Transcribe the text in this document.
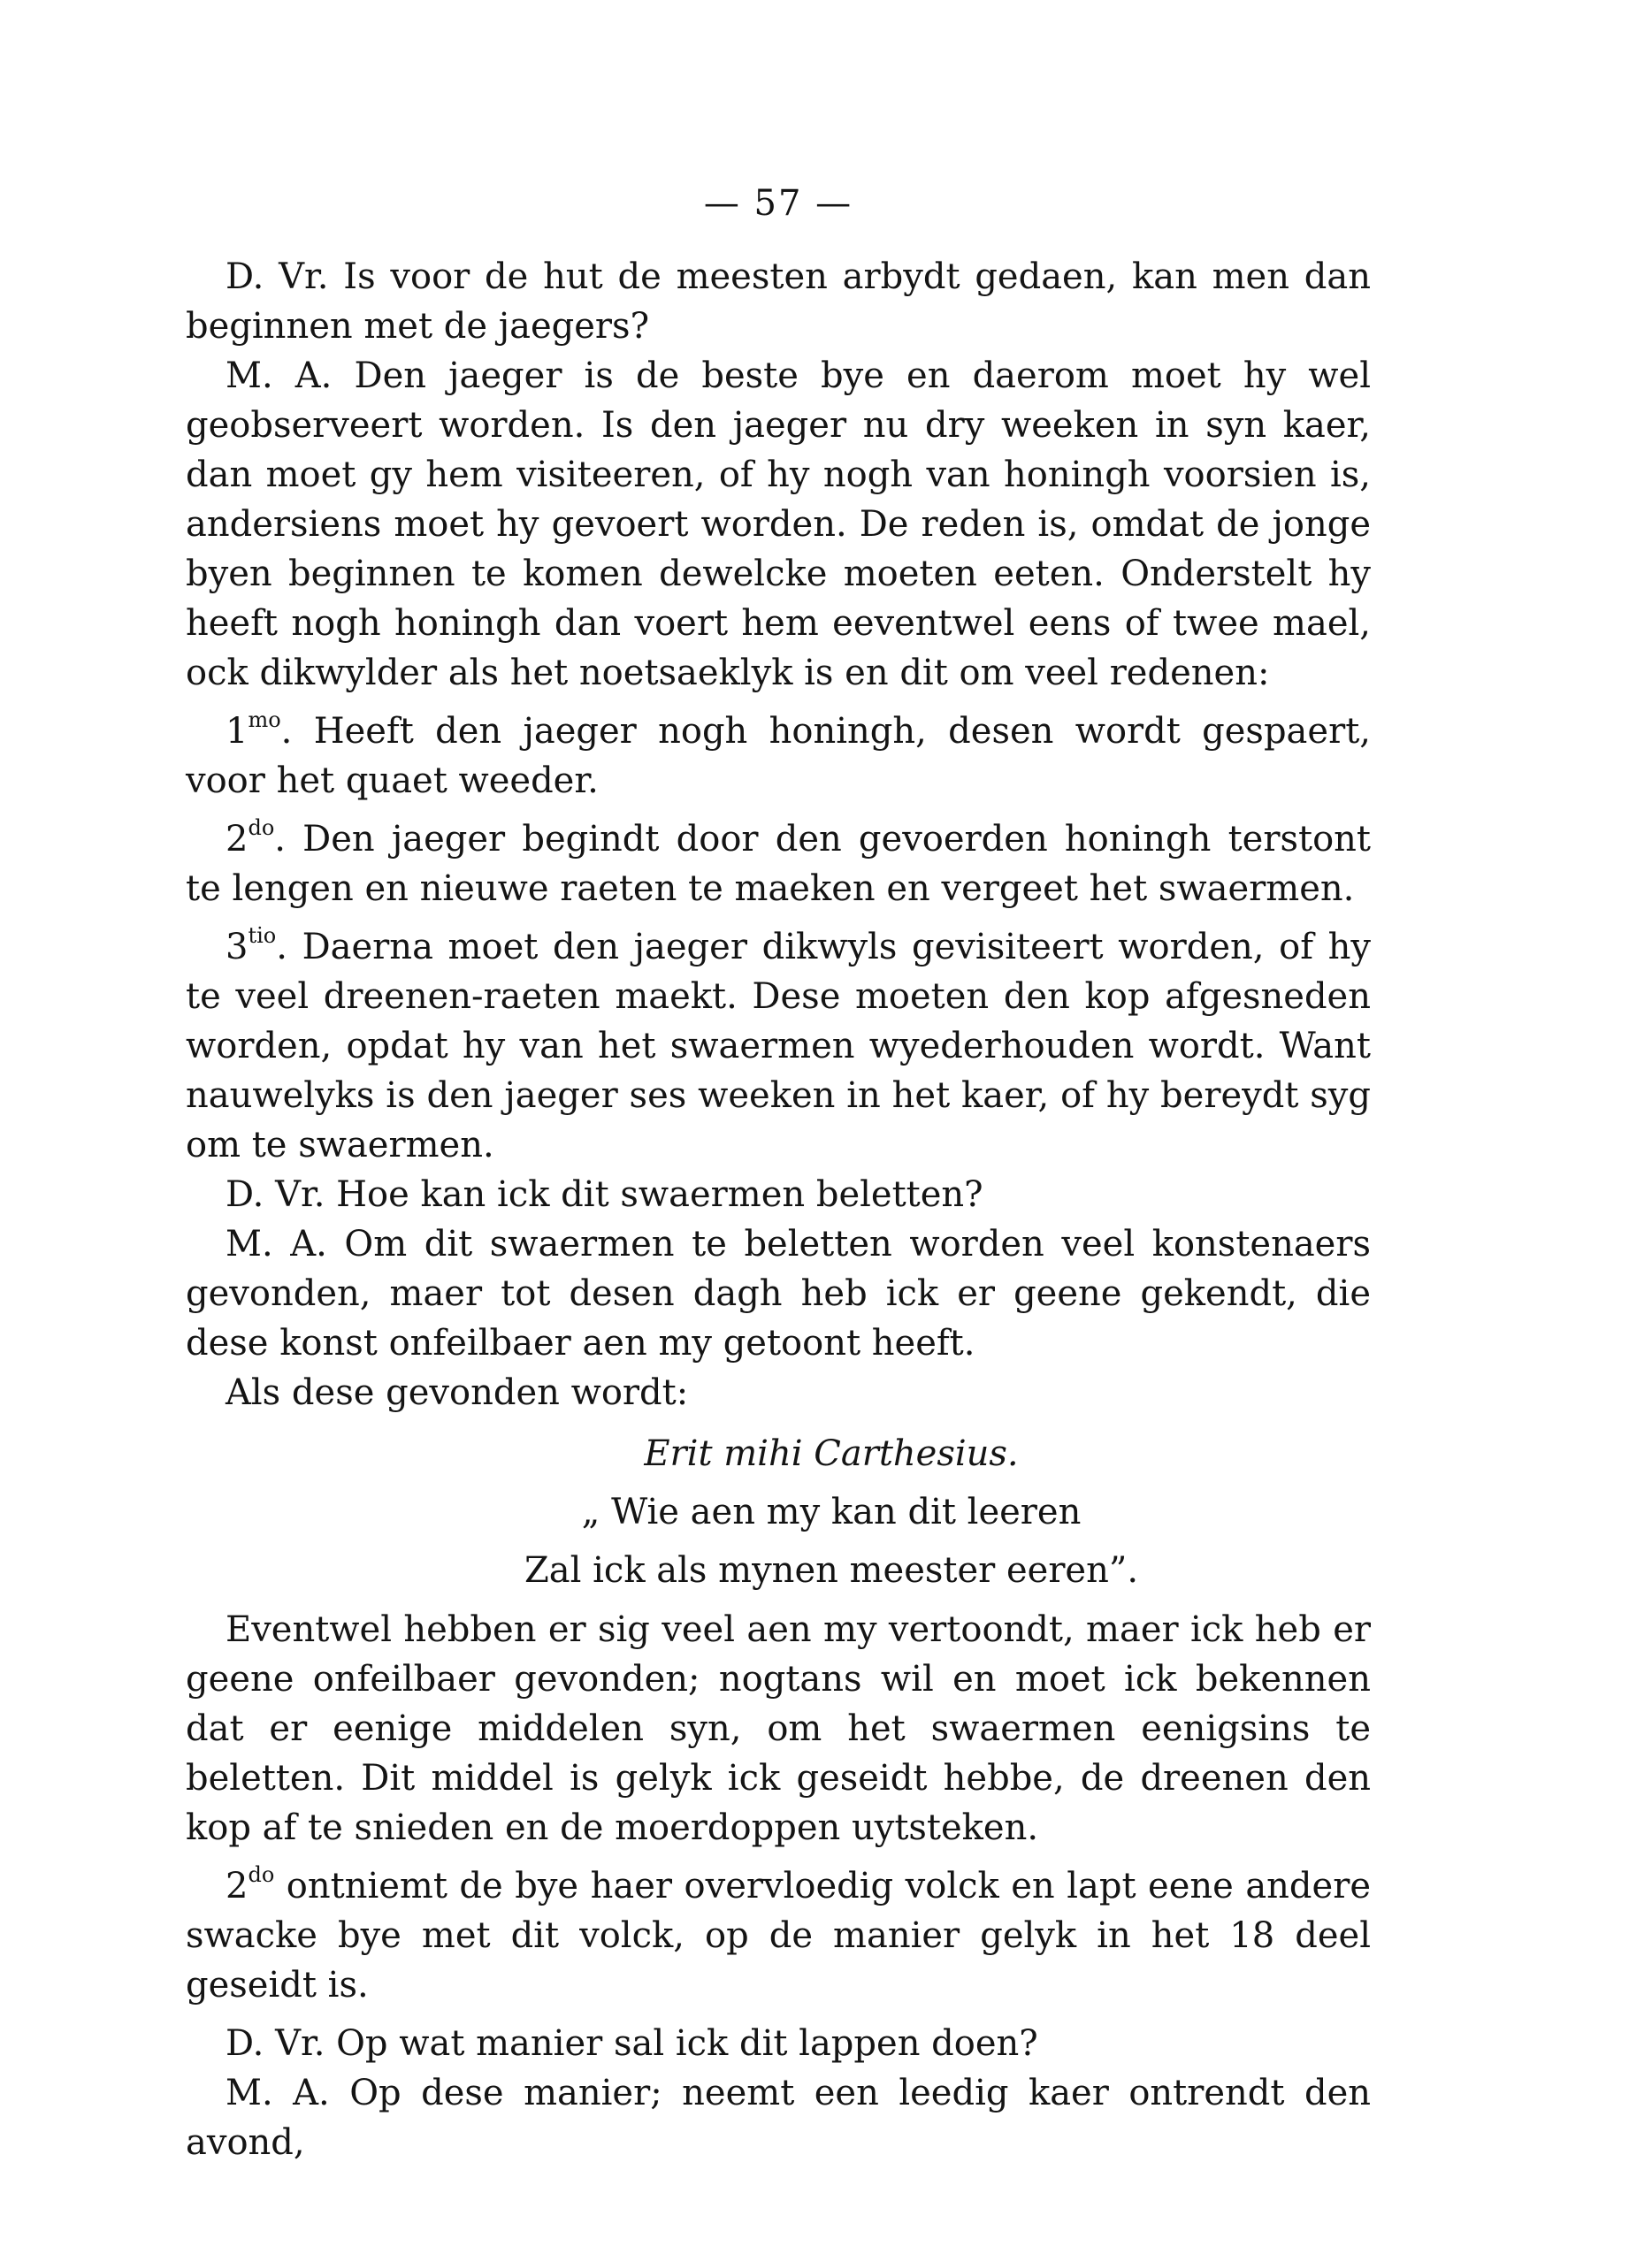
— 57 —

D. Vr. Is voor de hut de meesten arbydt gedaen, kan men dan beginnen met de jaegers?

M. A. Den jaeger is de beste bye en daerom moet hy wel geobserveert worden. Is den jaeger nu dry weeken in syn kaer, dan moet gy hem visiteeren, of hy nogh van honingh voorsien is, andersiens moet hy gevoert worden. De reden is, omdat de jonge byen beginnen te komen dewelcke moeten eeten. Onderstelt hy heeft nogh honingh dan voert hem eeventwel eens of twee mael, ock dikwylder als het noetsaeklyk is en dit om veel redenen:

$1^{mo}$. Heeft den jaeger nogh honingh, desen wordt gespaert, voor het quaet weeder.

$2^{do}$. Den jaeger begindt door den gevoerden honingh terstont te lengen en nieuwe raeten te maeken en vergeet het swaermen.

$3^{tio}$. Daerna moet den jaeger dikwyls gevisiteert worden, of hy te veel dreenen-raeten maekt. Dese moeten den kop afgesneden worden, opdat hy van het swaermen wyederhouden wordt. Want nauwelyks is den jaeger ses weeken in het kaer, of hy bereydt syg om te swaermen.

D. Vr. Hoe kan ick dit swaermen beletten?

M. A. Om dit swaermen te beletten worden veel konstenaers gevonden, maer tot desen dagh heb ick er geene gekendt, die dese konst onfeilbaer aen my getoont heeft.

Als dese gevonden wordt:

Erit mihi Carthesius.
„ Wie aen my kan dit leeren
Zal ick als mynen meester eeren”.

Eventwel hebben er sig veel aen my vertoondt, maer ick heb er geene onfeilbaer gevonden; nogtans wil en moet ick bekennen dat er eenige middelen syn, om het swaermen eenigsins te beletten. Dit middel is gelyk ick geseidt hebbe, de dreenen den kop af te snieden en de moerdoppen uytsteken.

$2^{do}$ ontniemt de bye haer overvloedig volck en lapt eene andere swacke bye met dit volck, op de manier gelyk in het 18 deel geseidt is.

D. Vr. Op wat manier sal ick dit lappen doen?

M. A. Op dese manier; neemt een leedig kaer ontrendt den avond,
